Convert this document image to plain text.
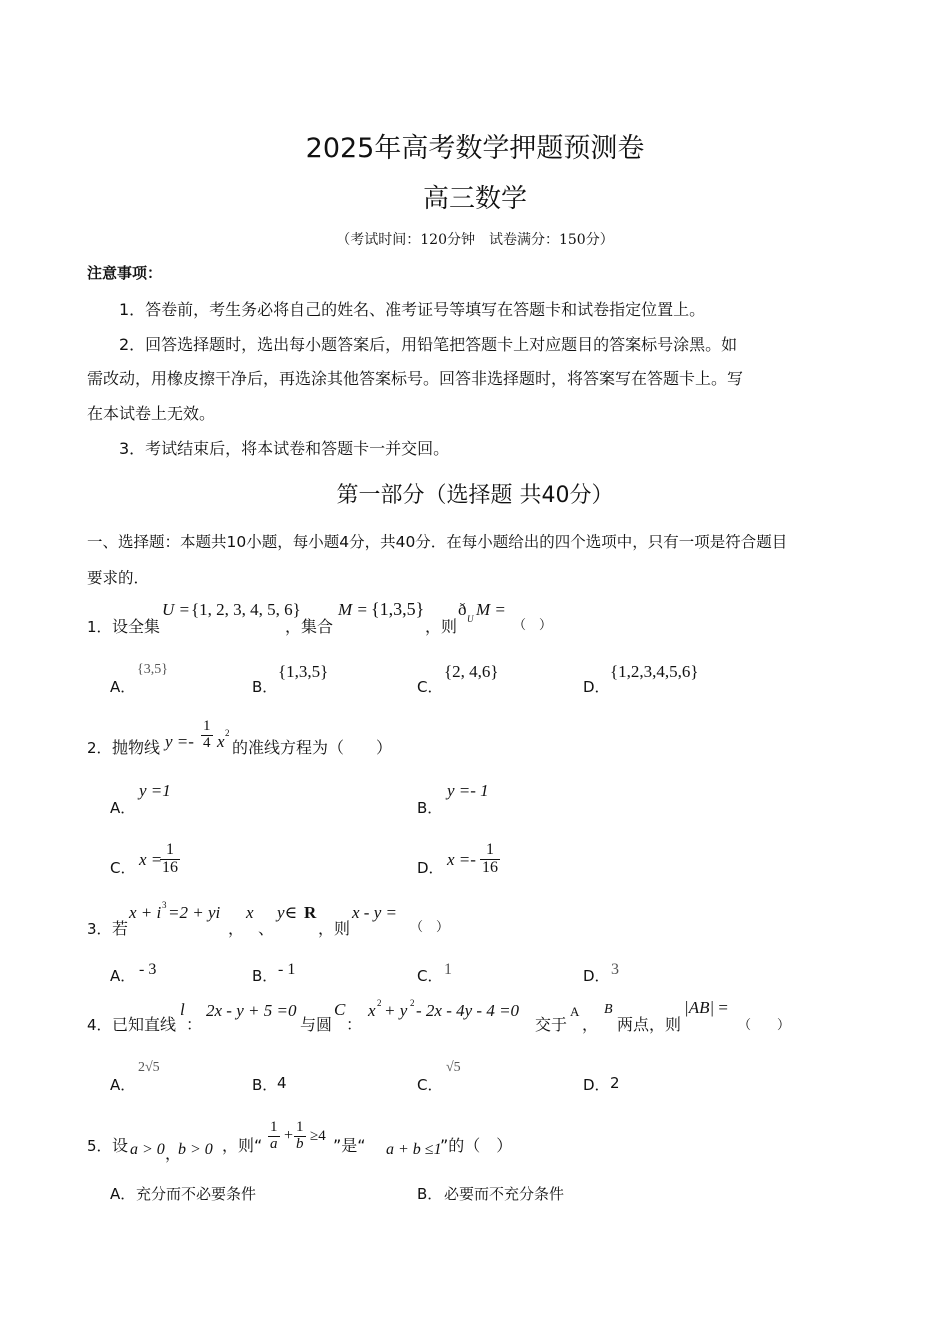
2025年高考数学押题预测卷
高三数学
（考试时间：120分钟　试卷满分：150分）
注意事项：
1．答卷前，考生务必将自己的姓名、准考证号等填写在答题卡和试卷指定位置上。
2．回答选择题时，选出每小题答案后，用铅笔把答题卡上对应题目的答案标号涂黑。如
需改动，用橡皮擦干净后，再选涂其他答案标号。回答非选择题时，将答案写在答题卡上。写
在本试卷上无效。
3．考试结束后，将本试卷和答题卡一并交回。
第一部分（选择题 共40分）
一、选择题：本题共10小题，每小题4分，共40分．在每小题给出的四个选项中，只有一项是符合题目
要求的．
1． 设全集
U = {1, 2, 3, 4, 5, 6}
，集合
M = {1,3,5}
，则
ð U M =
（　）
A．
{3,5}
B．
{1,3,5}
C．
{2, 4,6}
D．
{1,2,3,4,5,6}
2． 抛物线 $y =- \frac{1}{4}$ x 2
的准线方程为（　　）
A．
y =1
B．
y =- 1
C． x =
$\frac{1}{16}$	D． $x =- \frac{1}{16}$
3． 若
x + i 3 =2 + yi
，
x
、
y∈ R
，则
x - y =
（　）
A． - 3	B． - 1	C． 1	D． 3
4． 已知直线
l
：
2x - y + 5 =0
与圆
C
：
x 2 + y 2 - 2x - 4y - 4 =0
交于
A
，
B
两点，则
|AB| =
（　　）
A．
2√5
B． 4	C．
√5
D． 2
5． 设 a > 0 ，
b > 0 ，则“ $\frac{1}{a} + \frac{1}{b} \ge 4$ ”是“ a + b ≤1
”的（　）
A． 充分而不必要条件	B． 必要而不充分条件
